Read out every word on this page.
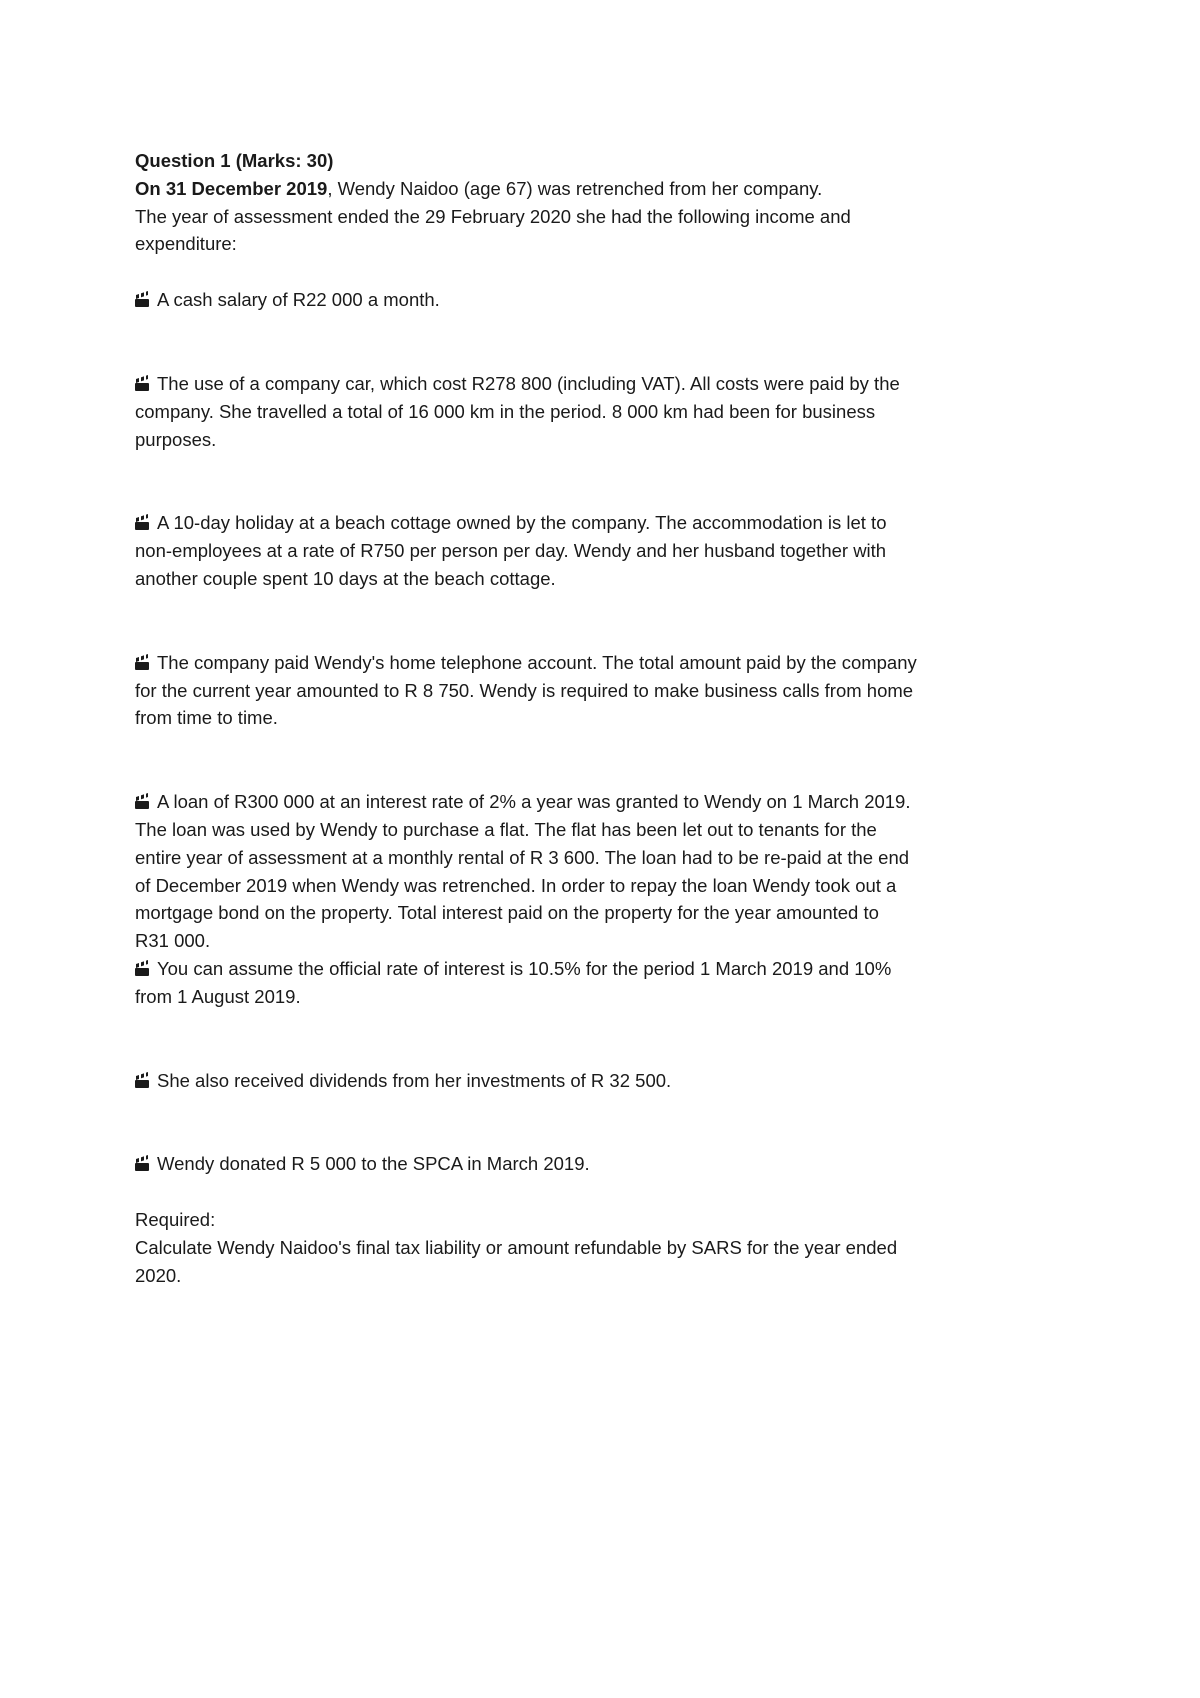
Question 1 (Marks: 30)
On 31 December 2019, Wendy Naidoo (age 67) was retrenched from her company.
The year of assessment ended the 29 February 2020 she had the following income and
expenditure:
A cash salary of R22 000 a month.
The use of a company car, which cost R278 800 (including VAT). All costs were paid by the
company. She travelled a total of 16 000 km in the period. 8 000 km had been for business
purposes.
A 10-day holiday at a beach cottage owned by the company. The accommodation is let to
non-employees at a rate of R750 per person per day. Wendy and her husband together with
another couple spent 10 days at the beach cottage.
The company paid Wendy's home telephone account. The total amount paid by the company
for the current year amounted to R 8 750. Wendy is required to make business calls from home
from time to time.
A loan of R300 000 at an interest rate of 2% a year was granted to Wendy on 1 March 2019.
The loan was used by Wendy to purchase a flat. The flat has been let out to tenants for the
entire year of assessment at a monthly rental of R 3 600. The loan had to be re-paid at the end
of December 2019 when Wendy was retrenched. In order to repay the loan Wendy took out a
mortgage bond on the property. Total interest paid on the property for the year amounted to
R31 000.
You can assume the official rate of interest is 10.5% for the period 1 March 2019 and 10%
from 1 August 2019.
She also received dividends from her investments of R 32 500.
Wendy donated R 5 000 to the SPCA in March 2019.
Required:
Calculate Wendy Naidoo's final tax liability or amount refundable by SARS for the year ended
2020.
